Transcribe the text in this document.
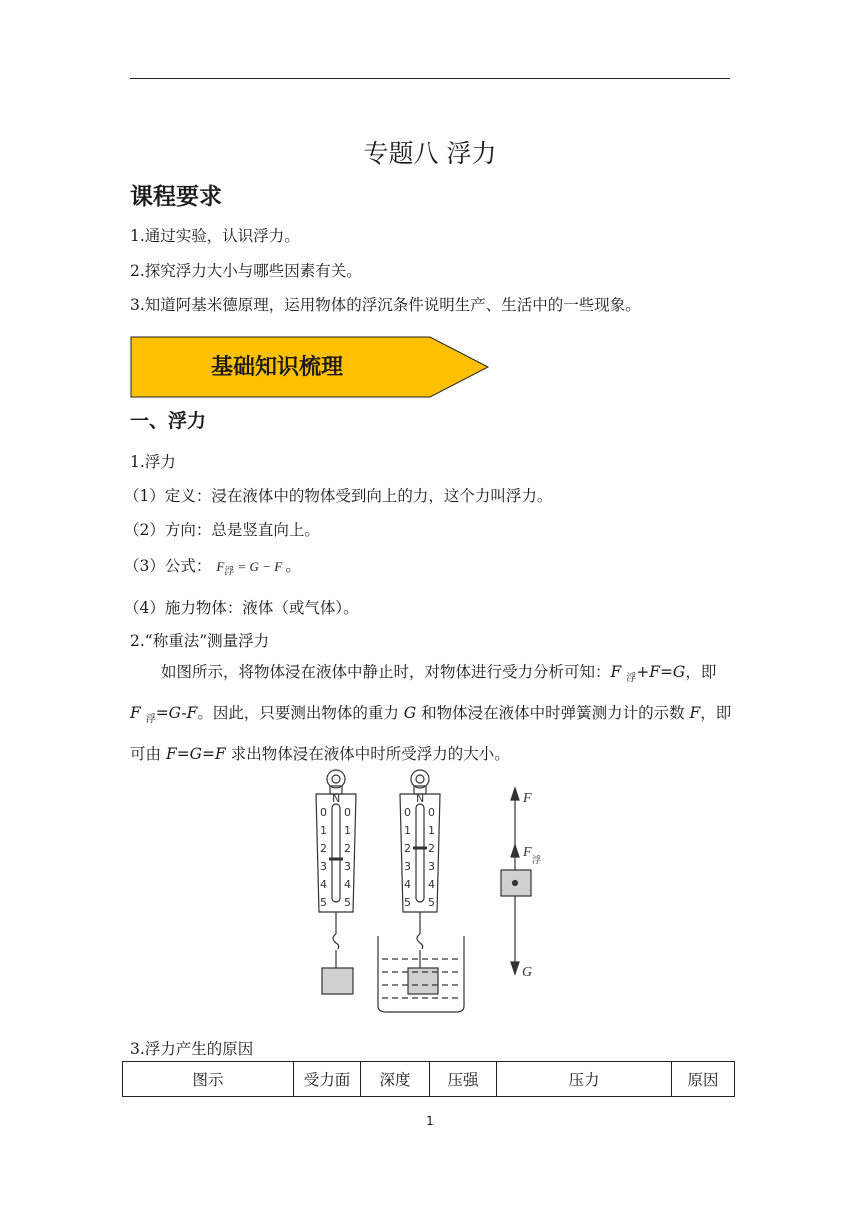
专题八 浮力
课程要求
1.通过实验，认识浮力。
2.探究浮力大小与哪些因素有关。
3.知道阿基米德原理，运用物体的浮沉条件说明生产、生活中的一些现象。
基础知识梳理
一、浮力
1.浮力
（1）定义：浸在液体中的物体受到向上的力，这个力叫浮力。
（2）方向：总是竖直向上。
（3）公式： $F_浮 = G - F$ 。
（4）施力物体：液体（或气体）。
2.“称重法”测量浮力
如图所示，将物体浸在液体中静止时，对物体进行受力分析可知：F $_浮$+F=G，即 F $_浮$=G-F。因此，只要测出物体的重力 G 和物体浸在液体中时弹簧测力计的示数 F，即可由 F=G=F 求出物体浸在液体中时所受浮力的大小。
N	N
0 0
1 1
2 2
3 3
4 4
5 5
0 0
1 1
2 2
3 3
4 4
5 5
F
F 浮
G
3.浮力产生的原因
图示	受力面	深度	压强	压力	原因
1
